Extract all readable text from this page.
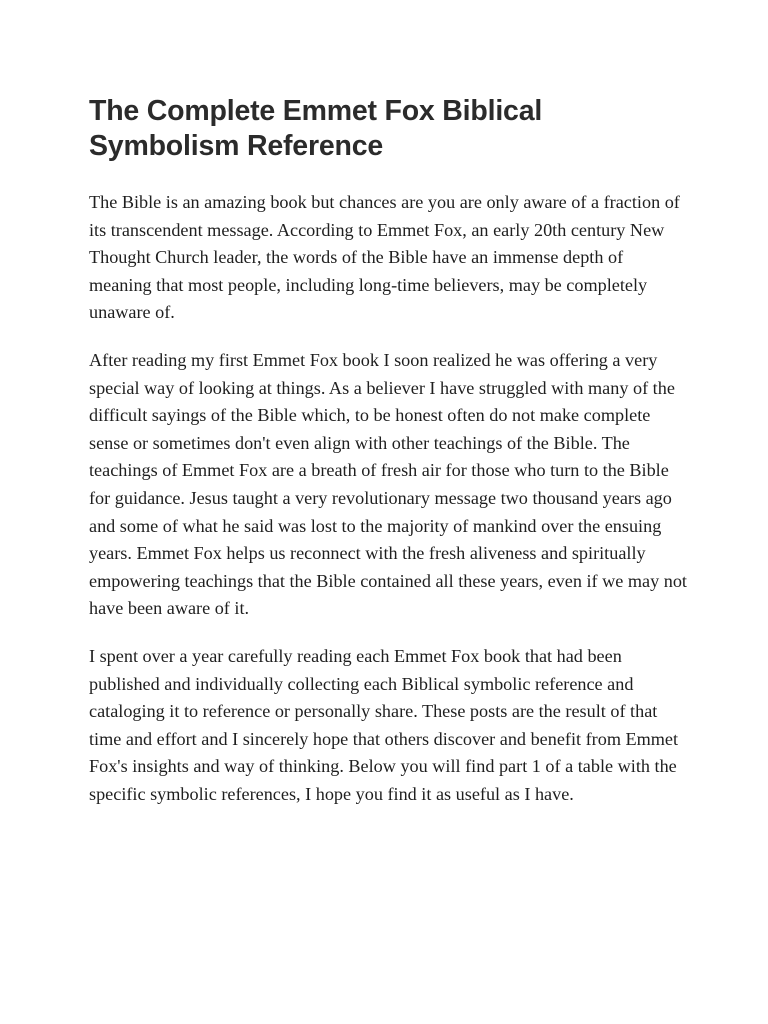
The Complete Emmet Fox Biblical Symbolism Reference

The Bible is an amazing book but chances are you are only aware of a fraction of its transcendent message. According to Emmet Fox, an early 20th century New Thought Church leader, the words of the Bible have an immense depth of meaning that most people, including long-time believers, may be completely unaware of.

After reading my first Emmet Fox book I soon realized he was offering a very special way of looking at things. As a believer I have struggled with many of the difficult sayings of the Bible which, to be honest often do not make complete sense or sometimes don't even align with other teachings of the Bible. The teachings of Emmet Fox are a breath of fresh air for those who turn to the Bible for guidance. Jesus taught a very revolutionary message two thousand years ago and some of what he said was lost to the majority of mankind over the ensuing years. Emmet Fox helps us reconnect with the fresh aliveness and spiritually empowering teachings that the Bible contained all these years, even if we may not have been aware of it.

I spent over a year carefully reading each Emmet Fox book that had been published and individually collecting each Biblical symbolic reference and cataloging it to reference or personally share. These posts are the result of that time and effort and I sincerely hope that others discover and benefit from Emmet Fox's insights and way of thinking. Below you will find part 1 of a table with the specific symbolic references, I hope you find it as useful as I have.
